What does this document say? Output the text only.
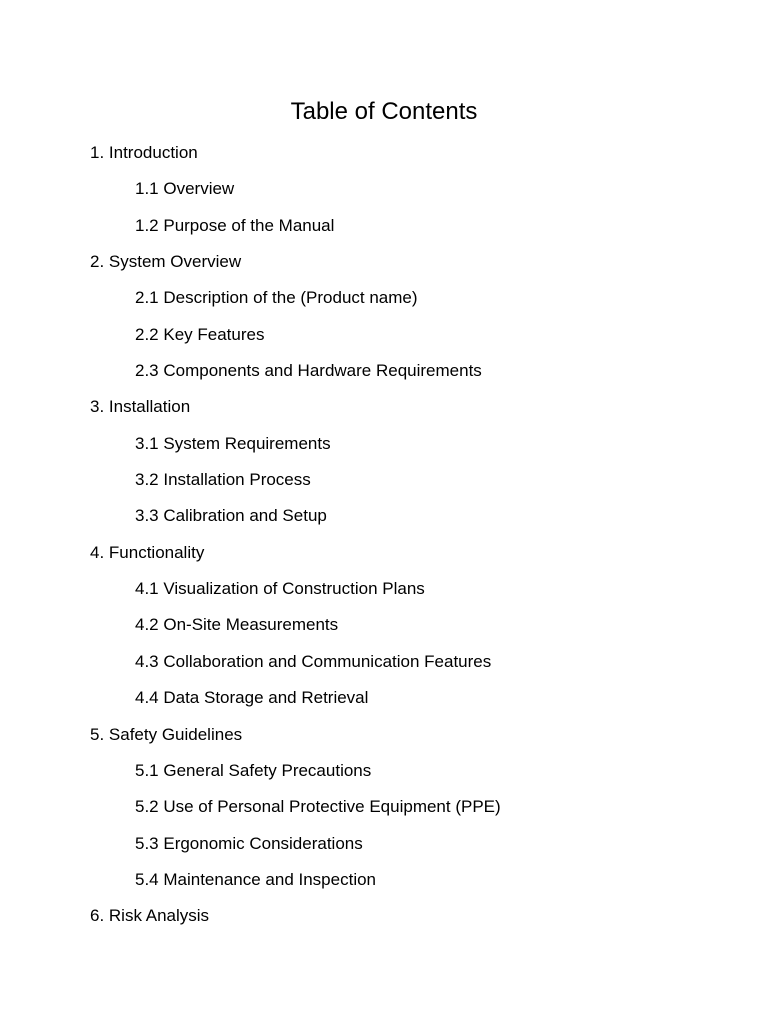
Table of Contents
1. Introduction
1.1 Overview
1.2 Purpose of the Manual
2. System Overview
2.1 Description of the (Product name)
2.2 Key Features
2.3 Components and Hardware Requirements
3. Installation
3.1 System Requirements
3.2 Installation Process
3.3 Calibration and Setup
4. Functionality
4.1 Visualization of Construction Plans
4.2 On-Site Measurements
4.3 Collaboration and Communication Features
4.4 Data Storage and Retrieval
5. Safety Guidelines
5.1 General Safety Precautions
5.2 Use of Personal Protective Equipment (PPE)
5.3 Ergonomic Considerations
5.4 Maintenance and Inspection
6. Risk Analysis
